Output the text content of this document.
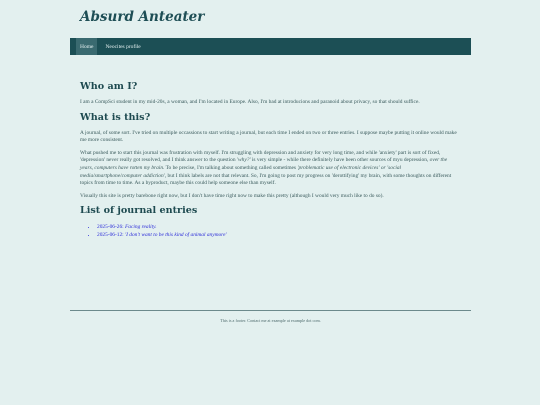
Absurd Anteater
Home	Neocites profile
Who am I?

I am a CompSci student in my mid-20s, a woman, and I'm located in Europe. Also, I'm bad at introducions and paranoid about privacy, so that should suffice.

What is this?

A journal, of some sort. I've tried on multiple occassions to start writing a journal, but each time I ended on two or three entries. I suppose maybe putting it online would make me more consistent.

What pushed me to start this journal was frustration with myself. I'm struggling with depression and anxiety for very long time, and while 'anxiety' part is sort of fixed, 'depression' never really got resolved, and I think answer to the question 'why?' is very simple - while there definitely have been other sources of myu depression, over the years, computers have rotten my brain. To be precise, I'm talking about something called sometimes 'problematic use of electronic devices' or 'social media/smartphone/computer addiction', but I think labels are not that relevant. So, I'm going to post my progress on 'derottifying' my brain, with some thoughts on different topics from time to time. As a byproduct, maybe this could help someone else than myself.

Visually this site is pretty barebone right now, but I don't have time right now to make this pretty (although I would very much like to do so).

List of journal entries
• 2025-06-26: Facing reality.
• 2025-06-12: 'I don't want to be this kind of animal anymore'
This is a footer. Contact me at example at example dot com.
